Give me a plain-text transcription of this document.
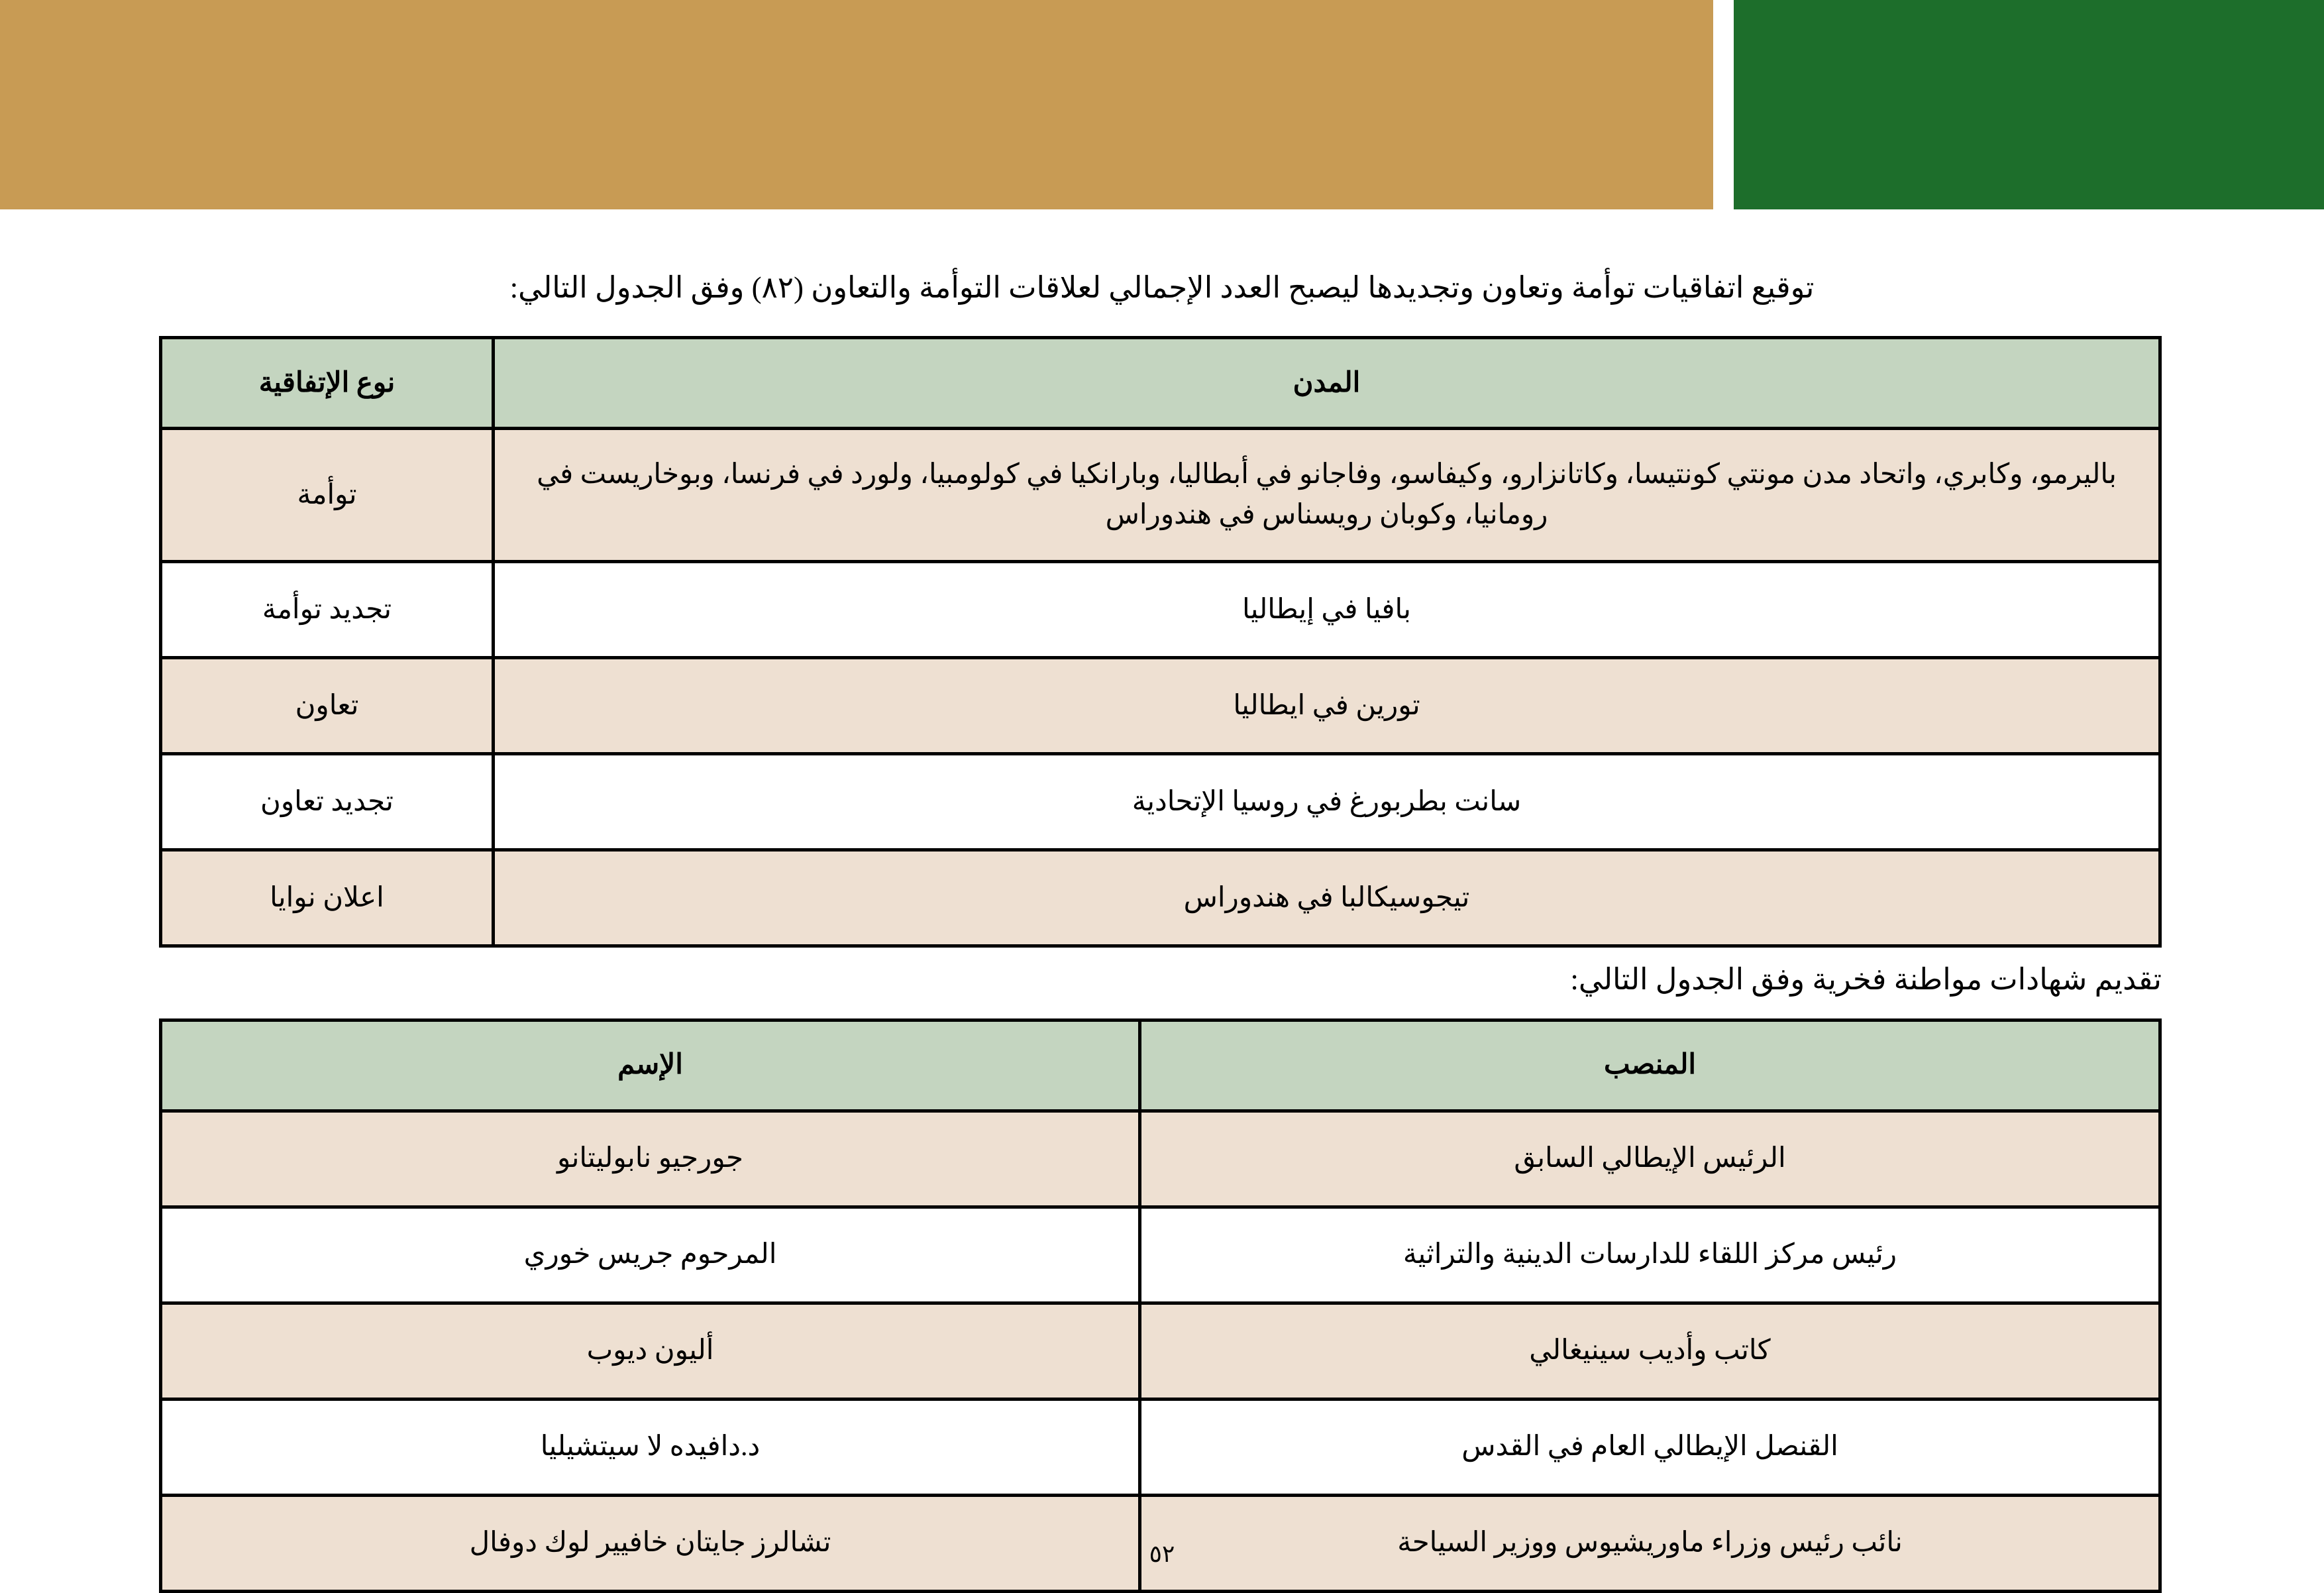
توقيع اتفاقيات توأمة وتعاون وتجديدها ليصبح العدد الإجمالي لعلاقات التوأمة والتعاون (٨٢) وفق الجدول التالي:

المدن	نوع الإتفاقية
باليرمو، وكابري، واتحاد مدن مونتي كونتيسا، وكاتانزارو، وكيفاسو، وفاجانو في أبطاليا، وبارانكيا في كولومبيا، ولورد في فرنسا، وبوخاريست في رومانيا، وكوبان رويسناس في هندوراس	توأمة
بافيا في إيطاليا	تجديد توأمة
تورين في ايطاليا	تعاون
سانت بطربورغ في روسيا الإتحادية	تجديد تعاون
تيجوسيكالبا في هندوراس	اعلان نوايا

تقديم شهادات مواطنة فخرية وفق الجدول التالي:

المنصب	الإسم
الرئيس الإيطالي السابق	جورجيو نابوليتانو
رئيس مركز اللقاء للدارسات الدينية والتراثية	المرحوم جريس خوري
كاتب وأديب سينيغالي	أليون ديوب
القنصل الإيطالي العام في القدس	د.دافيده لا سيتشيليا
نائب رئيس وزراء ماوريشيوس ووزير السياحة	تشالرز جايتان خافيير لوك دوفال	٥٢
